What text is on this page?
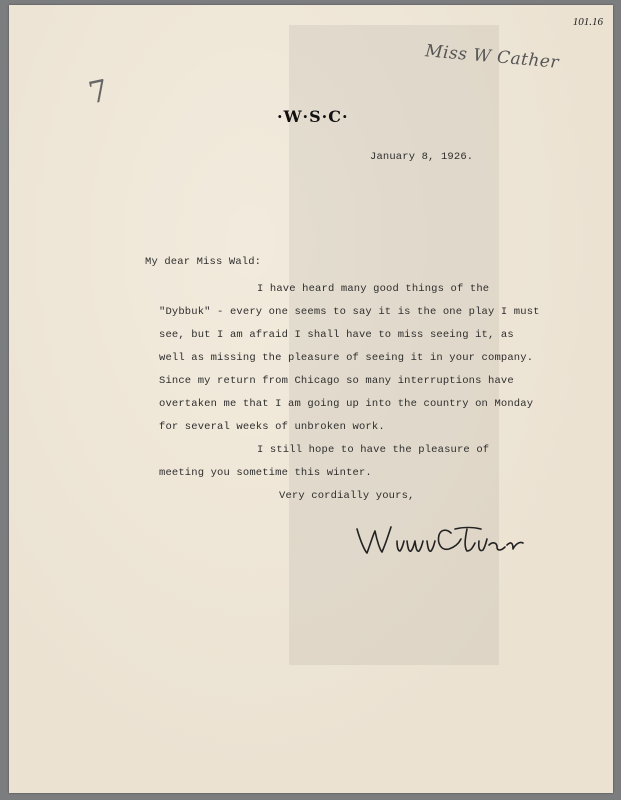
101.16
Miss W Cather
7
·W·S·C·
January 8, 1926.
My dear Miss Wald:
I have heard many good things of the
"Dybbuk" - every one seems to say it is the one play I must
see, but I am afraid I shall have to miss seeing it, as
well as missing the pleasure of seeing it in your company.
Since my return from Chicago so many interruptions have
overtaken me that I am going up into the country on Monday
for several weeks of unbroken work.
I still hope to have the pleasure of
meeting you sometime this winter.
Very cordially yours,
